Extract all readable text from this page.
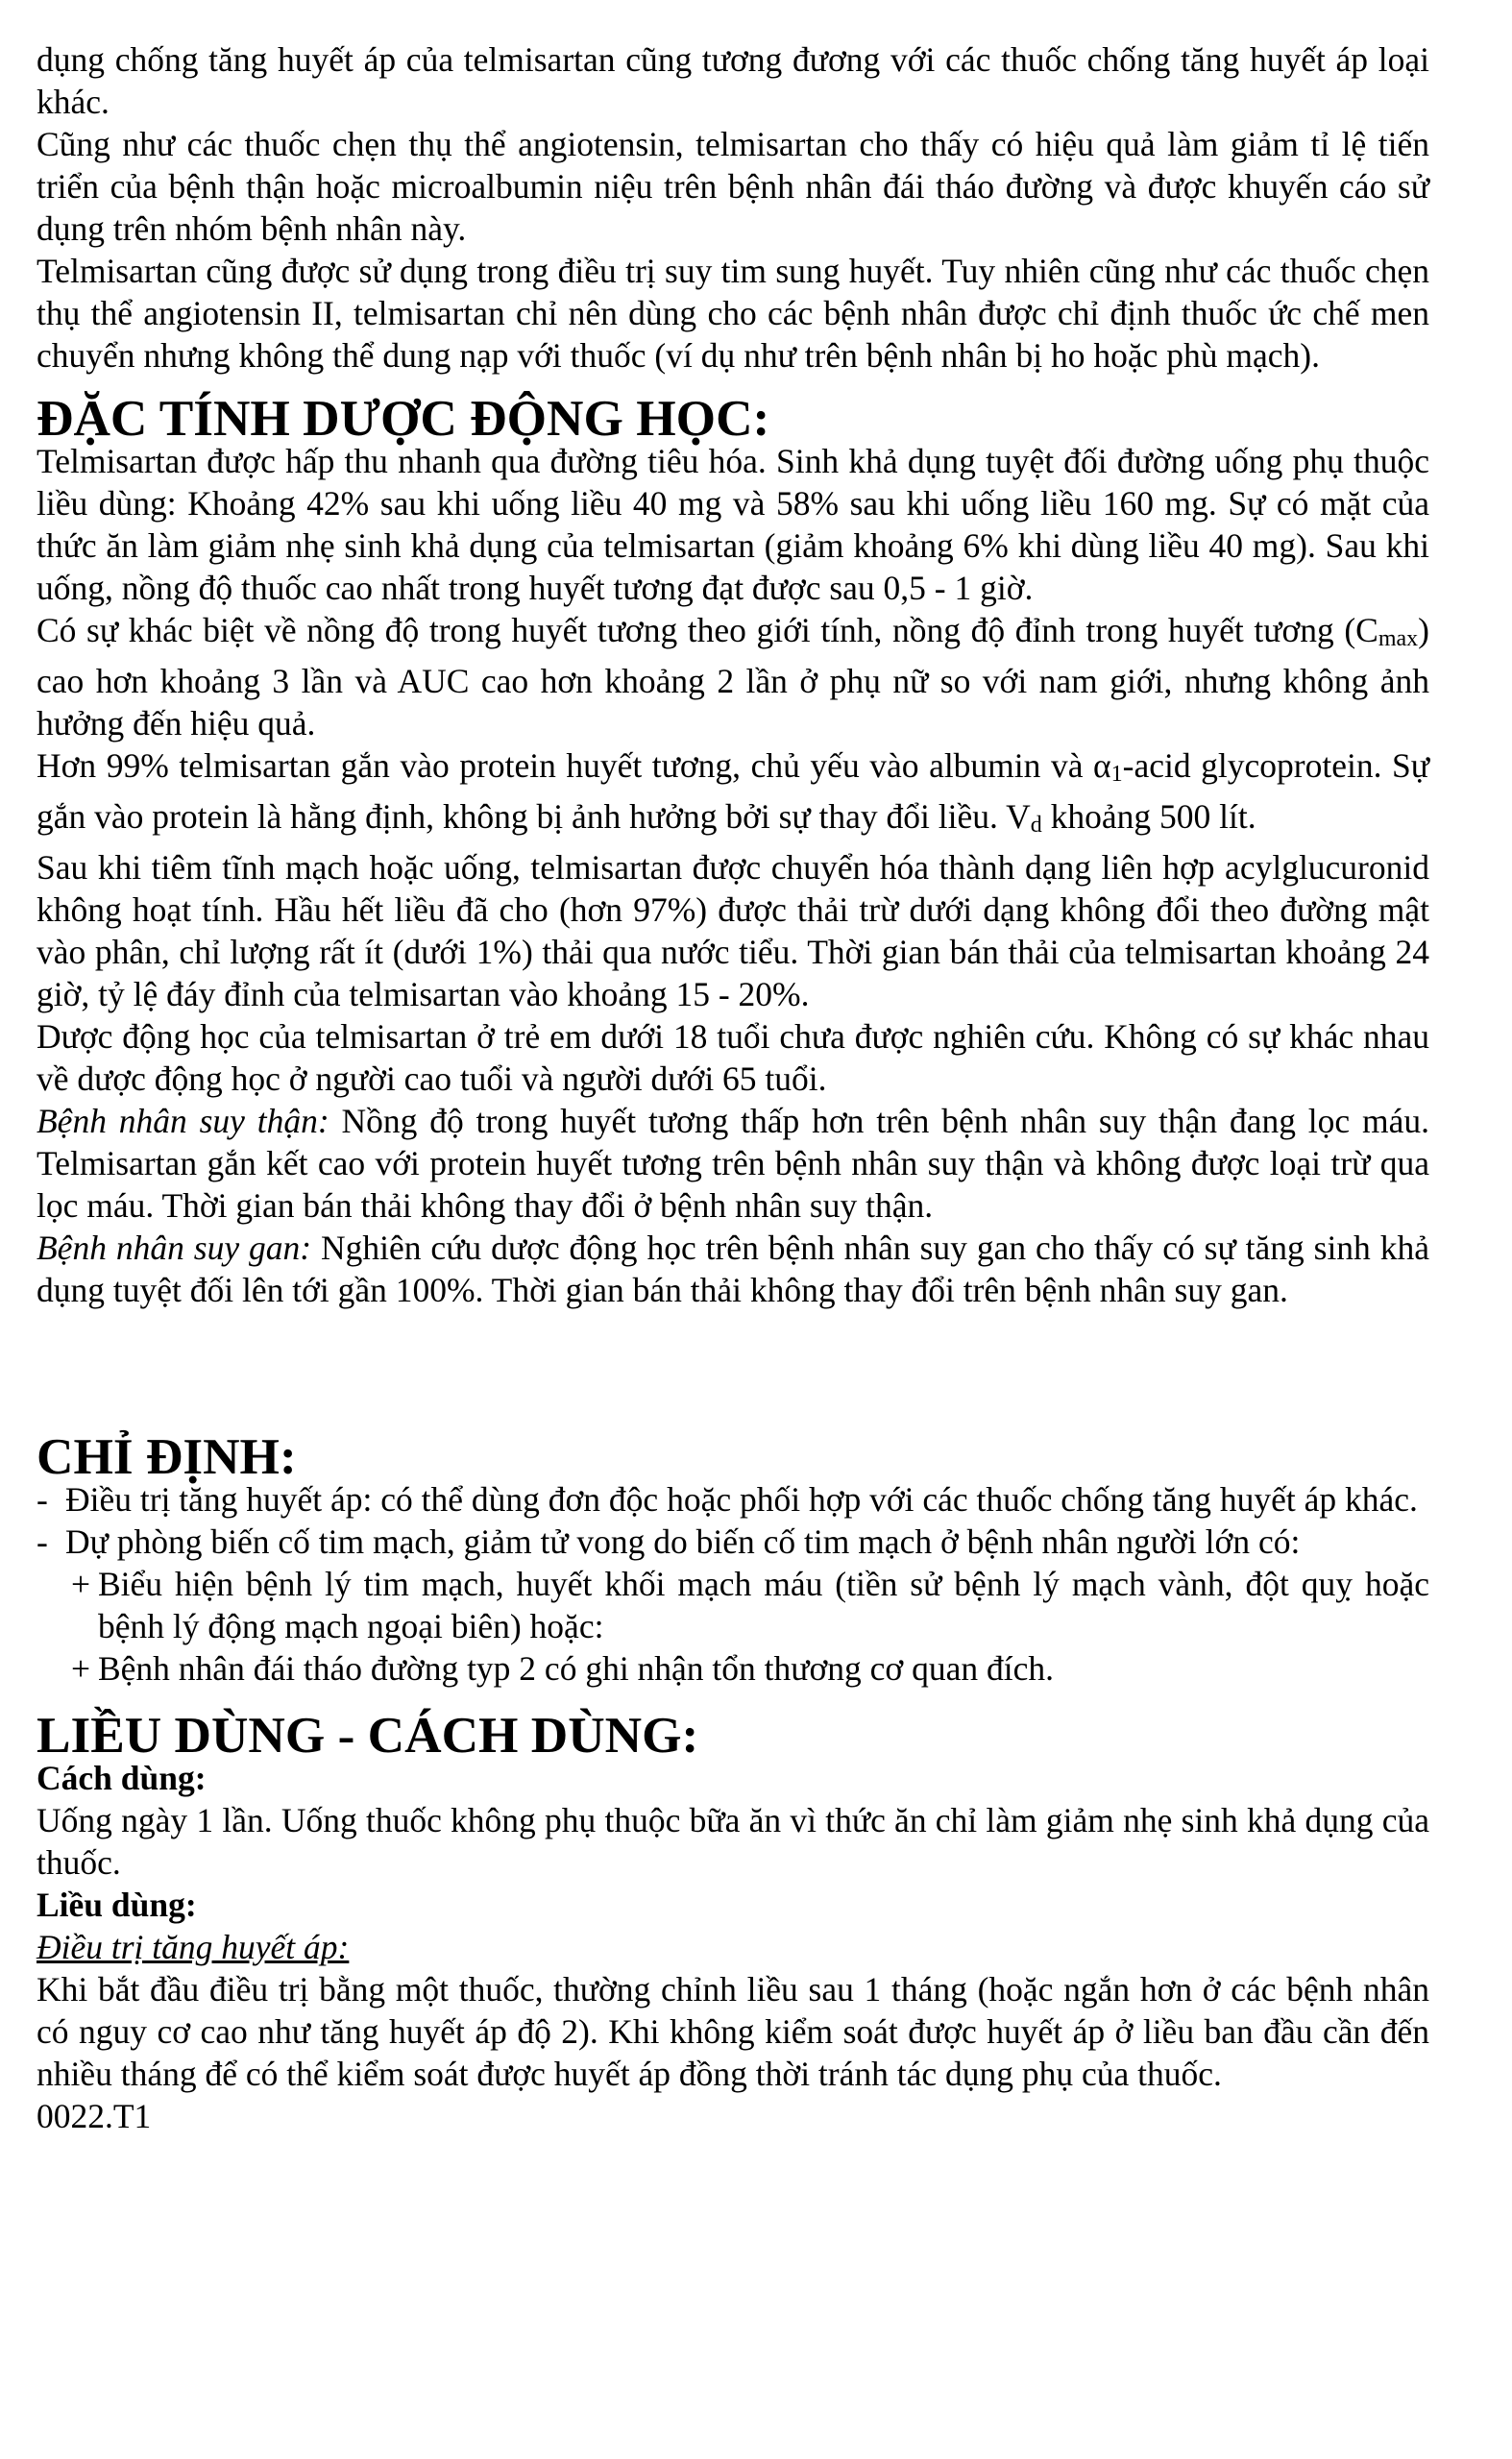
dụng chống tăng huyết áp của telmisartan cũng tương đương với các thuốc chống tăng huyết áp loại khác.

Cũng như các thuốc chẹn thụ thể angiotensin, telmisartan cho thấy có hiệu quả làm giảm tỉ lệ tiến triển của bệnh thận hoặc microalbumin niệu trên bệnh nhân đái tháo đường và được khuyến cáo sử dụng trên nhóm bệnh nhân này.

Telmisartan cũng được sử dụng trong điều trị suy tim sung huyết. Tuy nhiên cũng như các thuốc chẹn thụ thể angiotensin II, telmisartan chỉ nên dùng cho các bệnh nhân được chỉ định thuốc ức chế men chuyển nhưng không thể dung nạp với thuốc (ví dụ như trên bệnh nhân bị ho hoặc phù mạch).

ĐẶC TÍNH DƯỢC ĐỘNG HỌC:

Telmisartan được hấp thu nhanh qua đường tiêu hóa. Sinh khả dụng tuyệt đối đường uống phụ thuộc liều dùng: Khoảng 42% sau khi uống liều 40 mg và 58% sau khi uống liều 160 mg. Sự có mặt của thức ăn làm giảm nhẹ sinh khả dụng của telmisartan (giảm khoảng 6% khi dùng liều 40 mg). Sau khi uống, nồng độ thuốc cao nhất trong huyết tương đạt được sau 0,5 - 1 giờ.

Có sự khác biệt về nồng độ trong huyết tương theo giới tính, nồng độ đỉnh trong huyết tương $(C_{max})$ cao hơn khoảng 3 lần và AUC cao hơn khoảng 2 lần ở phụ nữ so với nam giới, nhưng không ảnh hưởng đến hiệu quả.

Hơn 99% telmisartan gắn vào protein huyết tương, chủ yếu vào albumin và $\alpha_1$-acid glycoprotein. Sự gắn vào protein là hằng định, không bị ảnh hưởng bởi sự thay đổi liều. $V_d$ khoảng 500 lít.

Sau khi tiêm tĩnh mạch hoặc uống, telmisartan được chuyển hóa thành dạng liên hợp acylglucuronid không hoạt tính. Hầu hết liều đã cho (hơn 97%) được thải trừ dưới dạng không đổi theo đường mật vào phân, chỉ lượng rất ít (dưới 1%) thải qua nước tiểu. Thời gian bán thải của telmisartan khoảng 24 giờ, tỷ lệ đáy đỉnh của telmisartan vào khoảng 15 - 20%.

Dược động học của telmisartan ở trẻ em dưới 18 tuổi chưa được nghiên cứu. Không có sự khác nhau về dược động học ở người cao tuổi và người dưới 65 tuổi.

Bệnh nhân suy thận: Nồng độ trong huyết tương thấp hơn trên bệnh nhân suy thận đang lọc máu. Telmisartan gắn kết cao với protein huyết tương trên bệnh nhân suy thận và không được loại trừ qua lọc máu. Thời gian bán thải không thay đổi ở bệnh nhân suy thận.

Bệnh nhân suy gan: Nghiên cứu dược động học trên bệnh nhân suy gan cho thấy có sự tăng sinh khả dụng tuyệt đối lên tới gần 100%. Thời gian bán thải không thay đổi trên bệnh nhân suy gan.

CHỈ ĐỊNH:

- Điều trị tăng huyết áp: có thể dùng đơn độc hoặc phối hợp với các thuốc chống tăng huyết áp khác.

- Dự phòng biến cố tim mạch, giảm tử vong do biến cố tim mạch ở bệnh nhân người lớn có:

+ Biểu hiện bệnh lý tim mạch, huyết khối mạch máu (tiền sử bệnh lý mạch vành, đột quỵ hoặc bệnh lý động mạch ngoại biên) hoặc:

+ Bệnh nhân đái tháo đường typ 2 có ghi nhận tổn thương cơ quan đích.

LIỀU DÙNG - CÁCH DÙNG:

Cách dùng:

Uống ngày 1 lần. Uống thuốc không phụ thuộc bữa ăn vì thức ăn chỉ làm giảm nhẹ sinh khả dụng của thuốc.

Liều dùng:

Điều trị tăng huyết áp:

Khi bắt đầu điều trị bằng một thuốc, thường chỉnh liều sau 1 tháng (hoặc ngắn hơn ở các bệnh nhân có nguy cơ cao như tăng huyết áp độ 2). Khi không kiểm soát được huyết áp ở liều ban đầu cần đến nhiều tháng để có thể kiểm soát được huyết áp đồng thời tránh tác dụng phụ của thuốc.

0022.T1
